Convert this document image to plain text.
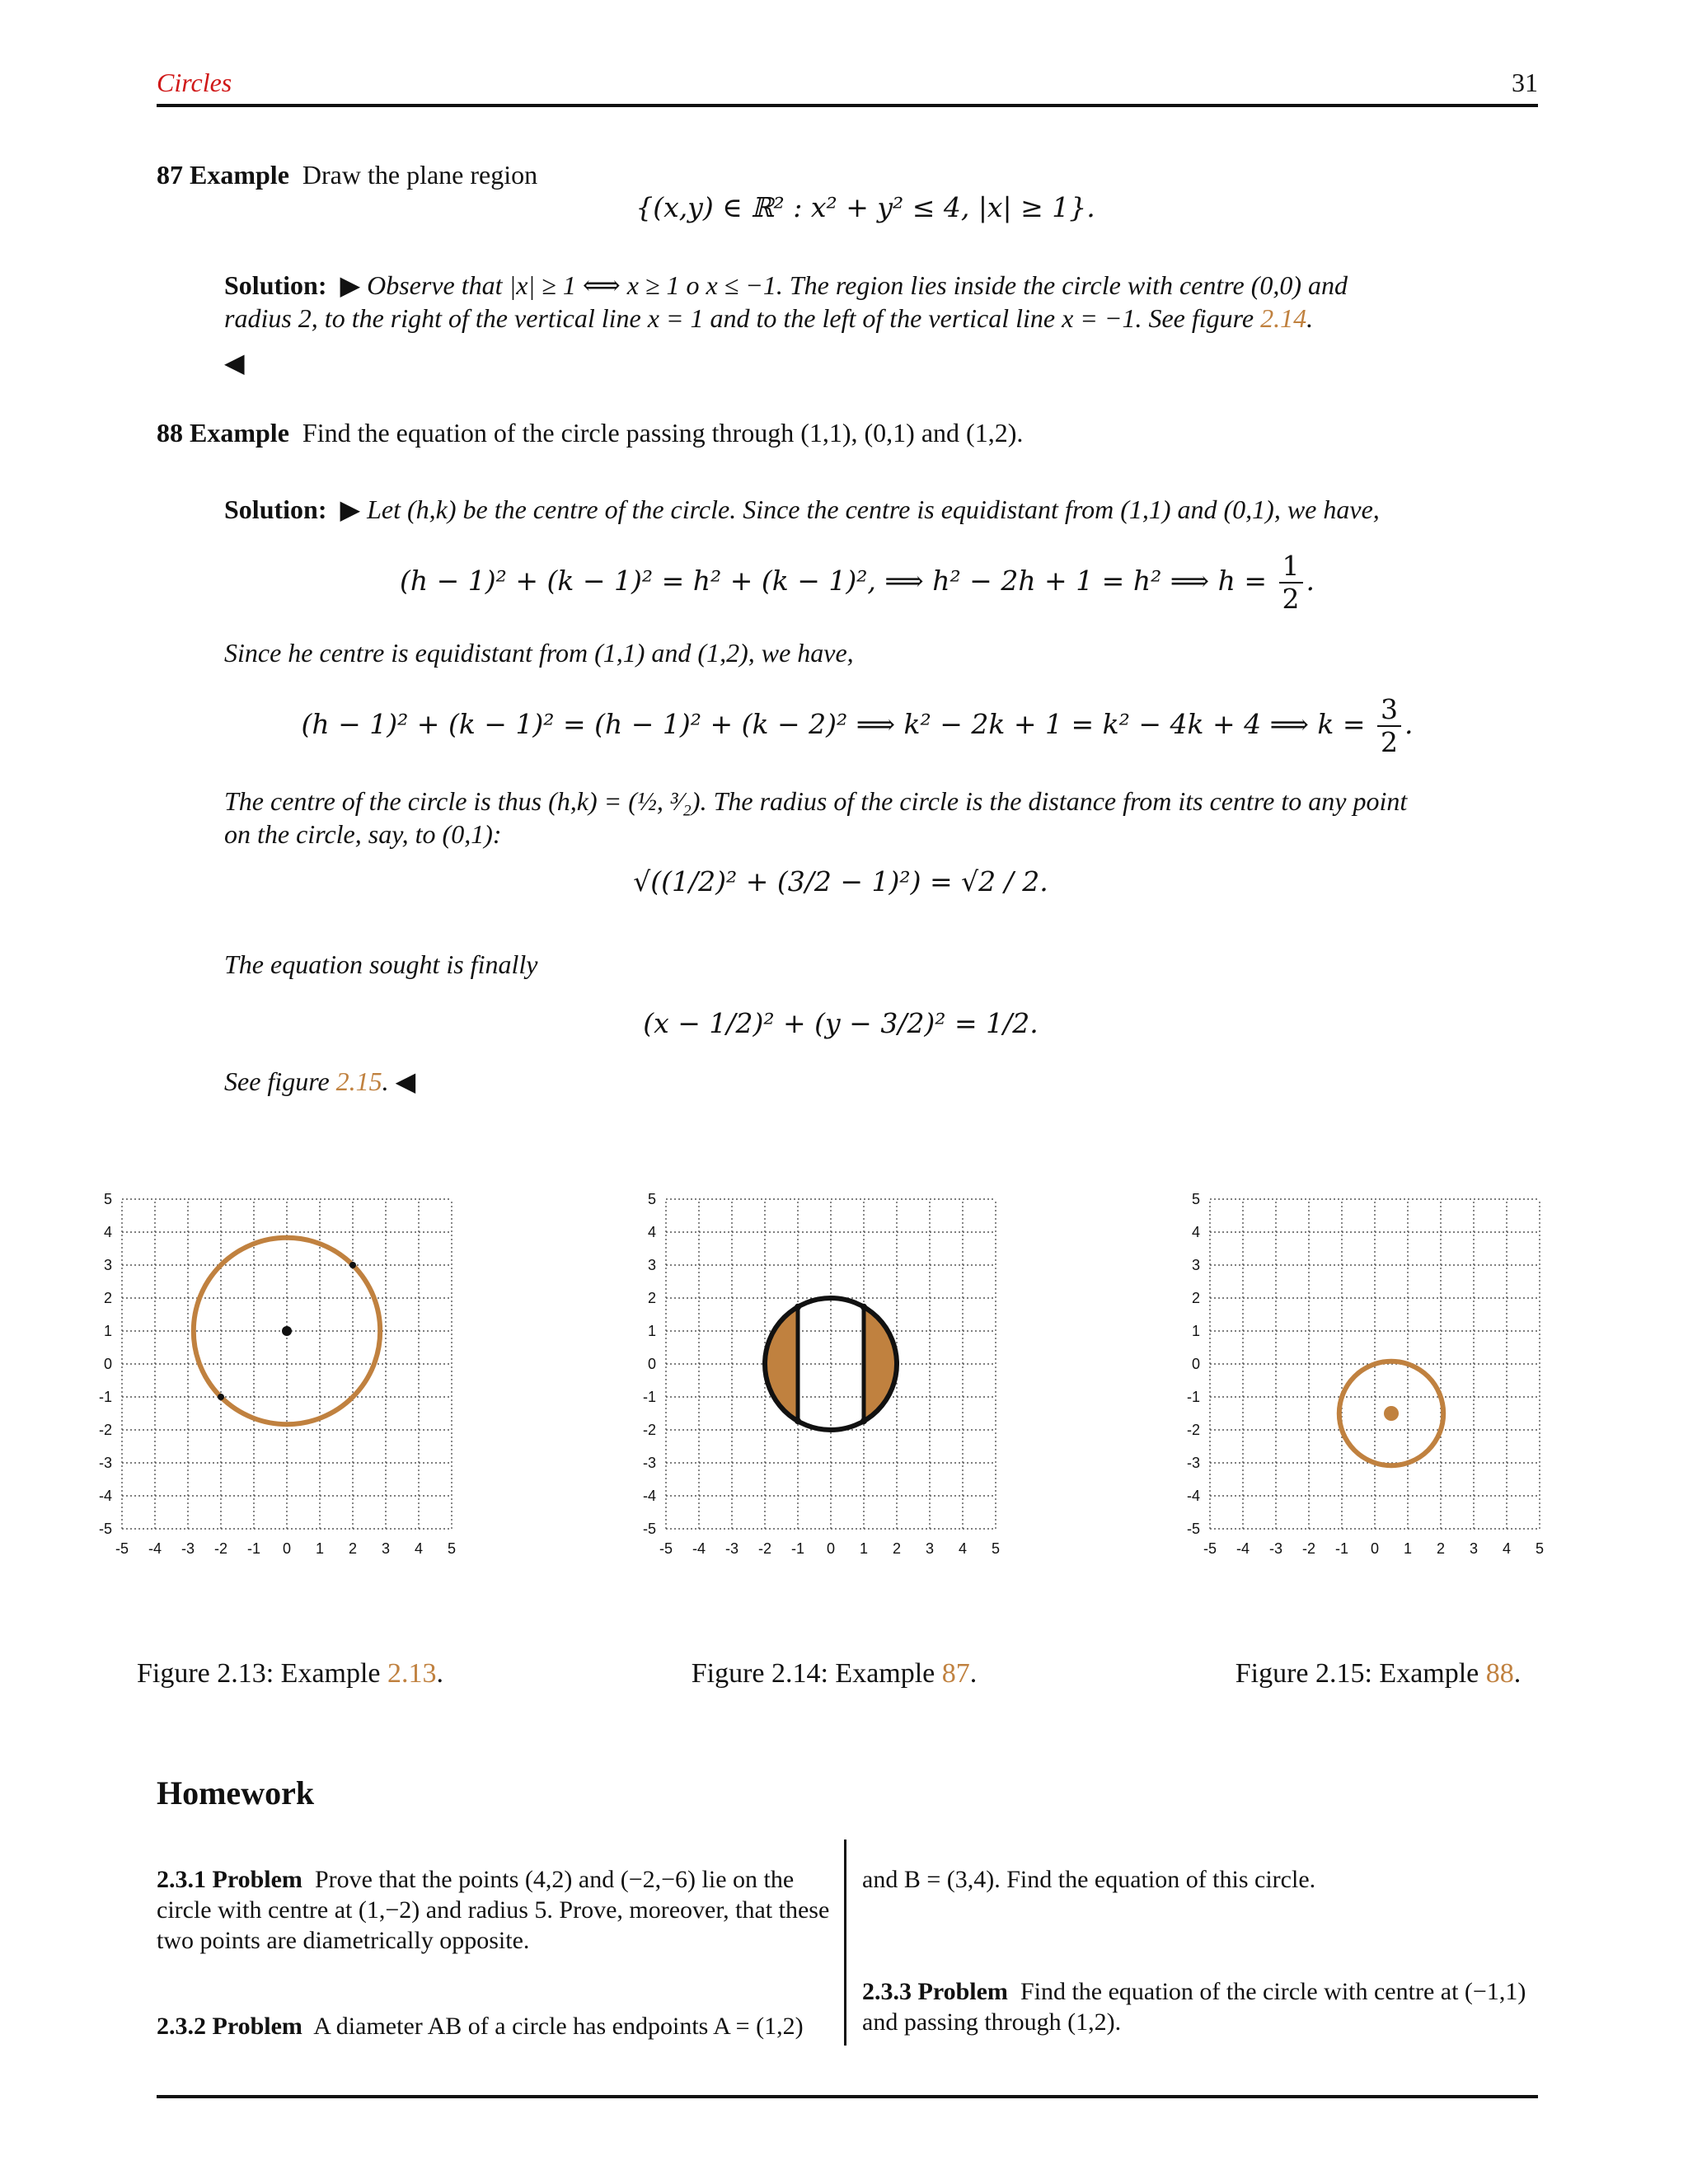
Circles	31
87 Example Draw the plane region
{(x,y) ∈ ℝ² : x² + y² ≤ 4, |x| ≥ 1}.
Solution:  ▶ Observe that |x| ≥ 1 ⟺ x ≥ 1 o x ≤ −1. The region lies inside the circle with centre (0,0) and
radius 2, to the right of the vertical line x = 1 and to the left of the vertical line x = −1. See figure 2.14.
◀
88 Example Find the equation of the circle passing through (1,1), (0,1) and (1,2).
Solution:  ▶ Let (h,k) be the centre of the circle. Since the centre is equidistant from (1,1) and (0,1), we have,
(h − 1)² + (k − 1)² = h² + (k − 1)², ⟹ h² − 2h + 1 = h² ⟹ $h = \frac{1}{2}$ .
Since he centre is equidistant from (1,1) and (1,2), we have,
(h − 1)² + (k − 1)² = (h − 1)² + (k − 2)² ⟹ k² − 2k + 1 = k² − 4k + 4 ⟹ $k = \frac{3}{2}$ .
The centre of the circle is thus (h,k) = (½, ³⁄₂). The radius of the circle is the distance from its centre to any point
on the circle, say, to (0,1):
√((1/2)² + (3/2 − 1)²) = √2 / 2.
The equation sought is finally
(x − 1/2)² + (y − 3/2)² = 1/2.
See figure 2.15. ◀
-5 -4 -3 -2 -1 0 1 2 3 4 5
-5
-4
-3
-2
-1
0
1
2
3
4
5
-5 -4 -3 -2 -1 0 1 2 3 4 5
-5
-4
-3
-2
-1
0
1
2
3
4
5
-5 -4 -3 -2 -1 0 1 2 3 4 5
-5
-4
-3
-2
-1
0
1
2
3
4
5
Figure 2.13: Example 2.13.	Figure 2.14: Example 87.	Figure 2.15: Example 88.
Homework
2.3.1 Problem Prove that the points (4,2) and (−2,−6) lie on the
circle with centre at (1,−2) and radius 5. Prove, moreover, that these
two points are diametrically opposite.
2.3.2 Problem A diameter AB of a circle has endpoints A = (1,2)
and B = (3,4). Find the equation of this circle.
2.3.3 Problem Find the equation of the circle with centre at (−1,1)
and passing through (1,2).
